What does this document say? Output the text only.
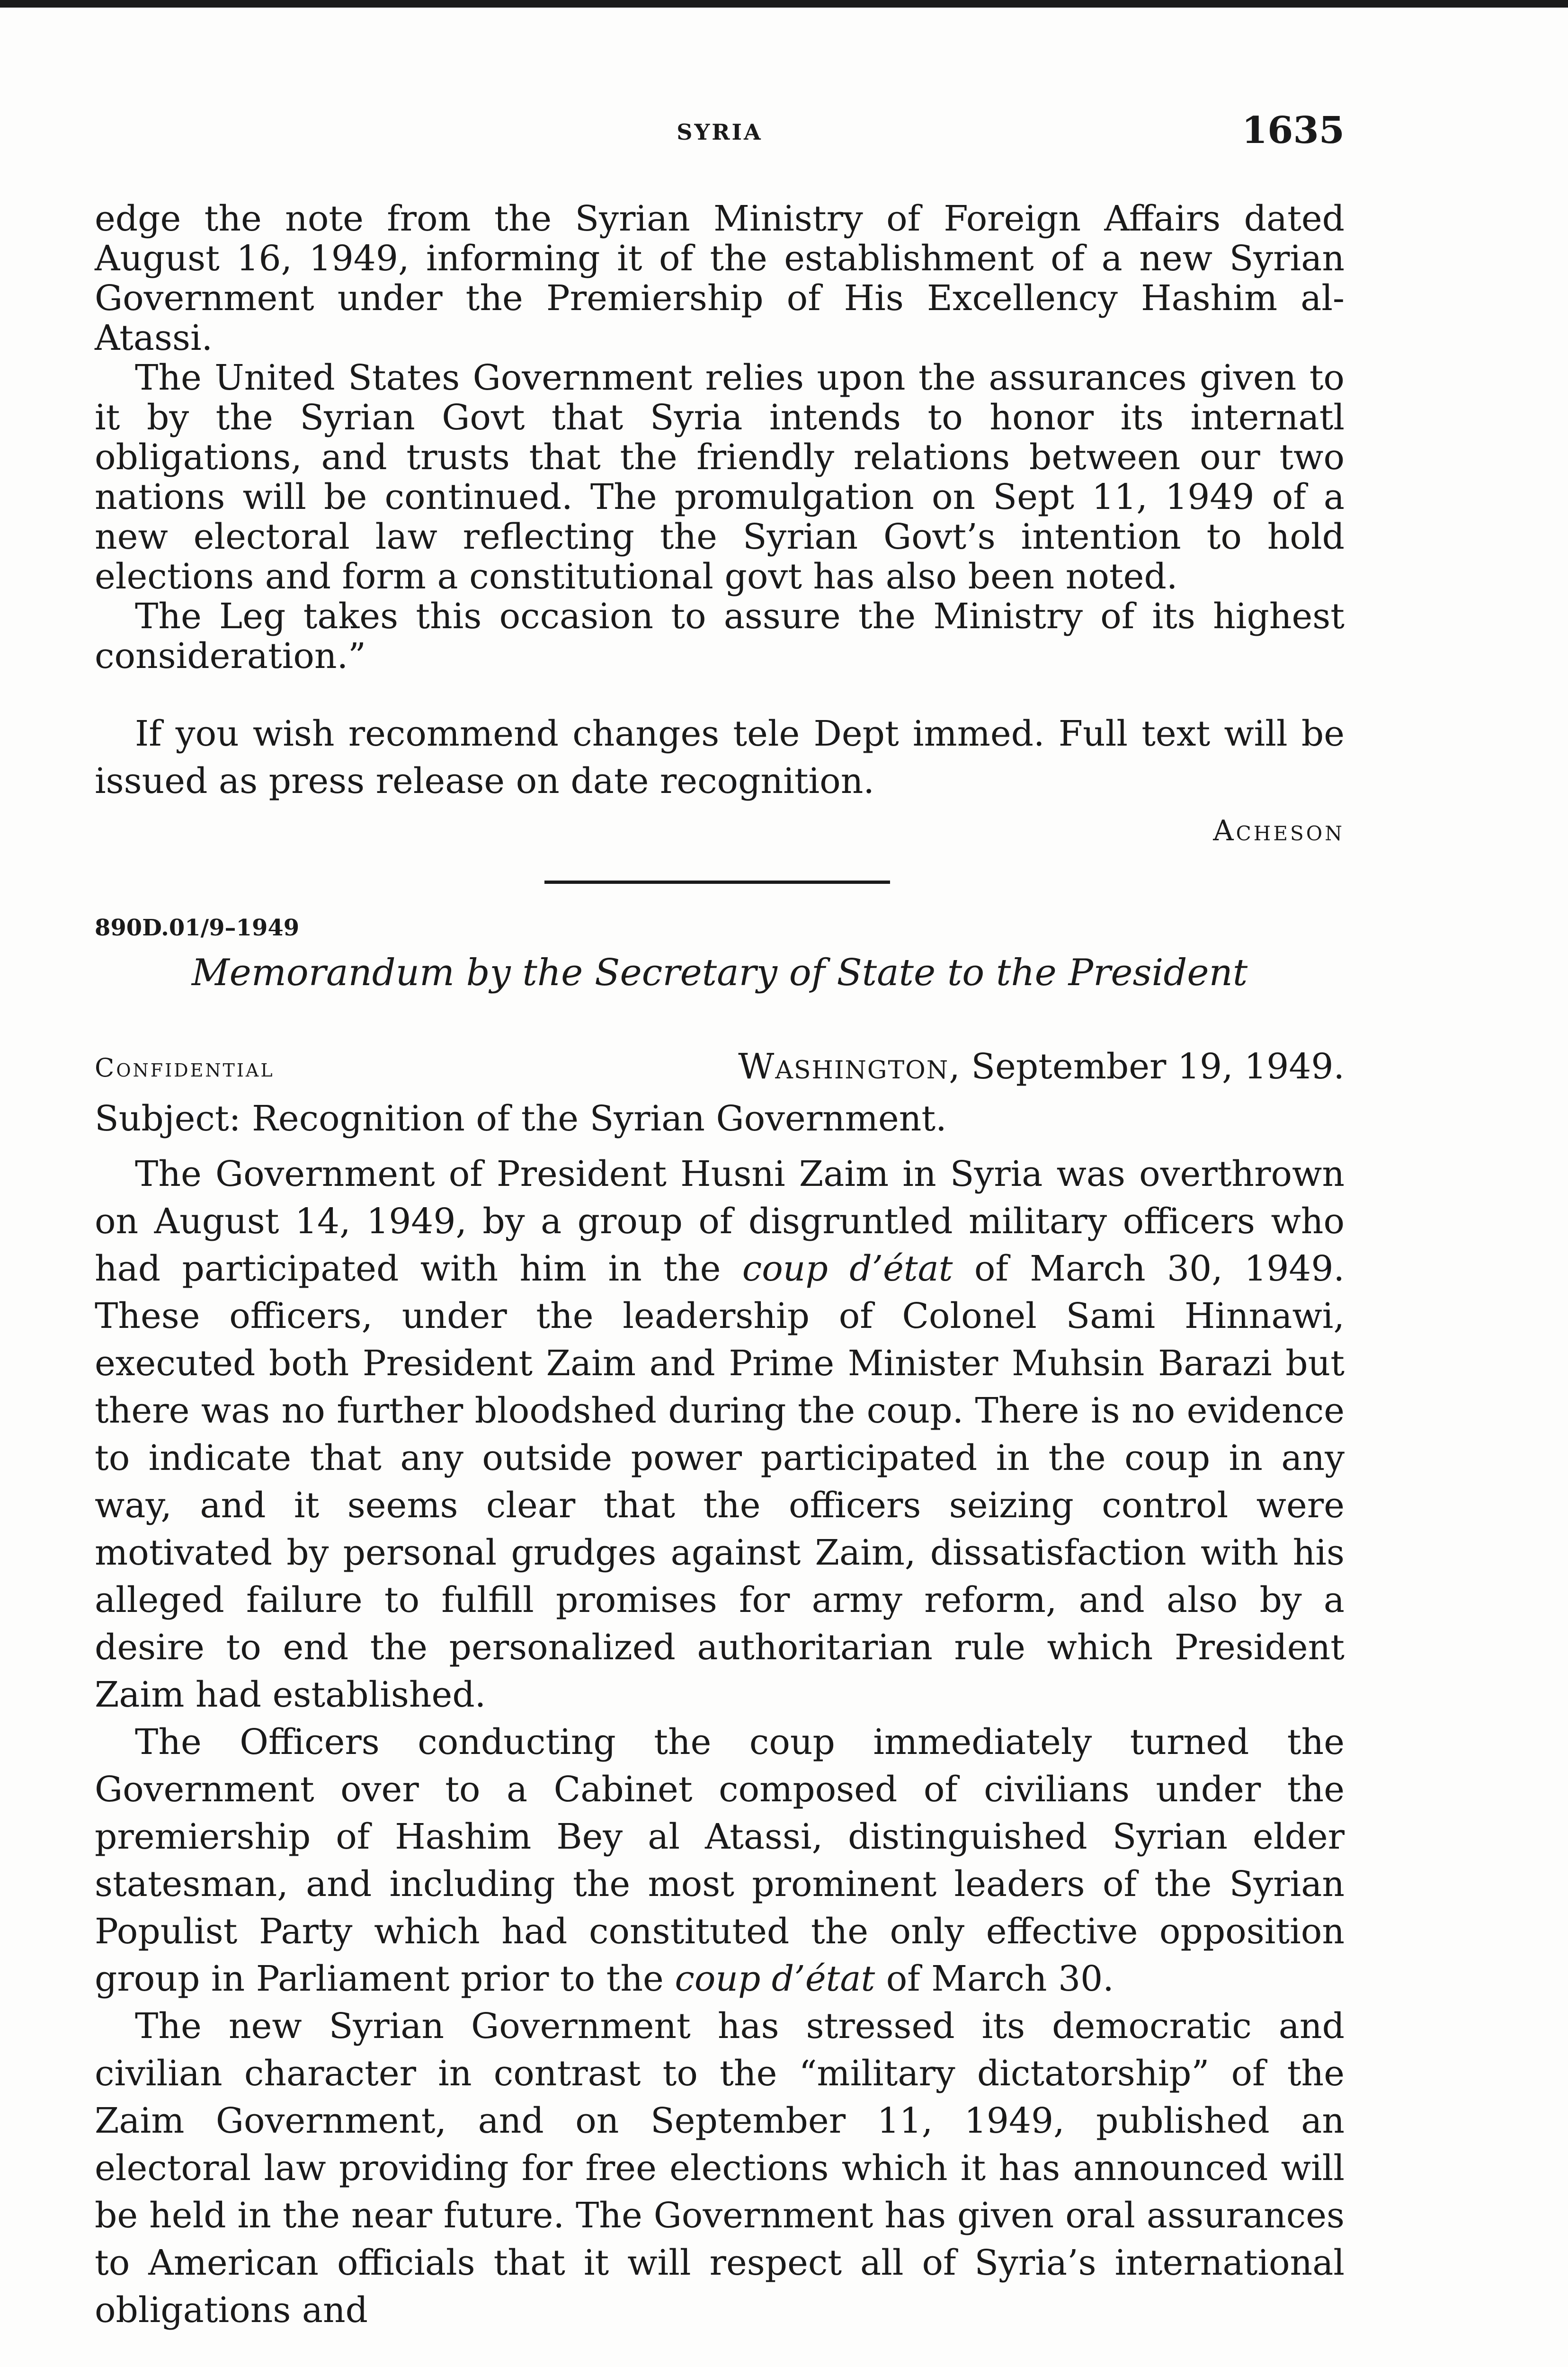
SYRIA	1635

edge the note from the Syrian Ministry of Foreign Affairs dated August 16, 1949, informing it of the establishment of a new Syrian Government under the Premiership of His Excellency Hashim al-Atassi.

The United States Government relies upon the assurances given to it by the Syrian Govt that Syria intends to honor its internatl obligations, and trusts that the friendly relations between our two nations will be continued. The promulgation on Sept 11, 1949 of a new electoral law reflecting the Syrian Govt’s intention to hold elections and form a constitutional govt has also been noted.

The Leg takes this occasion to assure the Ministry of its highest consideration.”

If you wish recommend changes tele Dept immed. Full text will be issued as press release on date recognition.

Acheson
890D.01/9–1949
Memorandum by the Secretary of State to the President
Confidential	Washington, September 19, 1949.
Subject: Recognition of the Syrian Government.

The Government of President Husni Zaim in Syria was overthrown on August 14, 1949, by a group of disgruntled military officers who had participated with him in the coup d’état of March 30, 1949. These officers, under the leadership of Colonel Sami Hinnawi, executed both President Zaim and Prime Minister Muhsin Barazi but there was no further bloodshed during the coup. There is no evidence to indicate that any outside power participated in the coup in any way, and it seems clear that the officers seizing control were motivated by personal grudges against Zaim, dissatisfaction with his alleged failure to fulfill promises for army reform, and also by a desire to end the personalized authoritarian rule which President Zaim had established.

The Officers conducting the coup immediately turned the Government over to a Cabinet composed of civilians under the premiership of Hashim Bey al Atassi, distinguished Syrian elder statesman, and including the most prominent leaders of the Syrian Populist Party which had constituted the only effective opposition group in Parliament prior to the coup d’état of March 30.

The new Syrian Government has stressed its democratic and civilian character in contrast to the “military dictatorship” of the Zaim Government, and on September 11, 1949, published an electoral law providing for free elections which it has announced will be held in the near future. The Government has given oral assurances to American officials that it will respect all of Syria’s international obligations and
